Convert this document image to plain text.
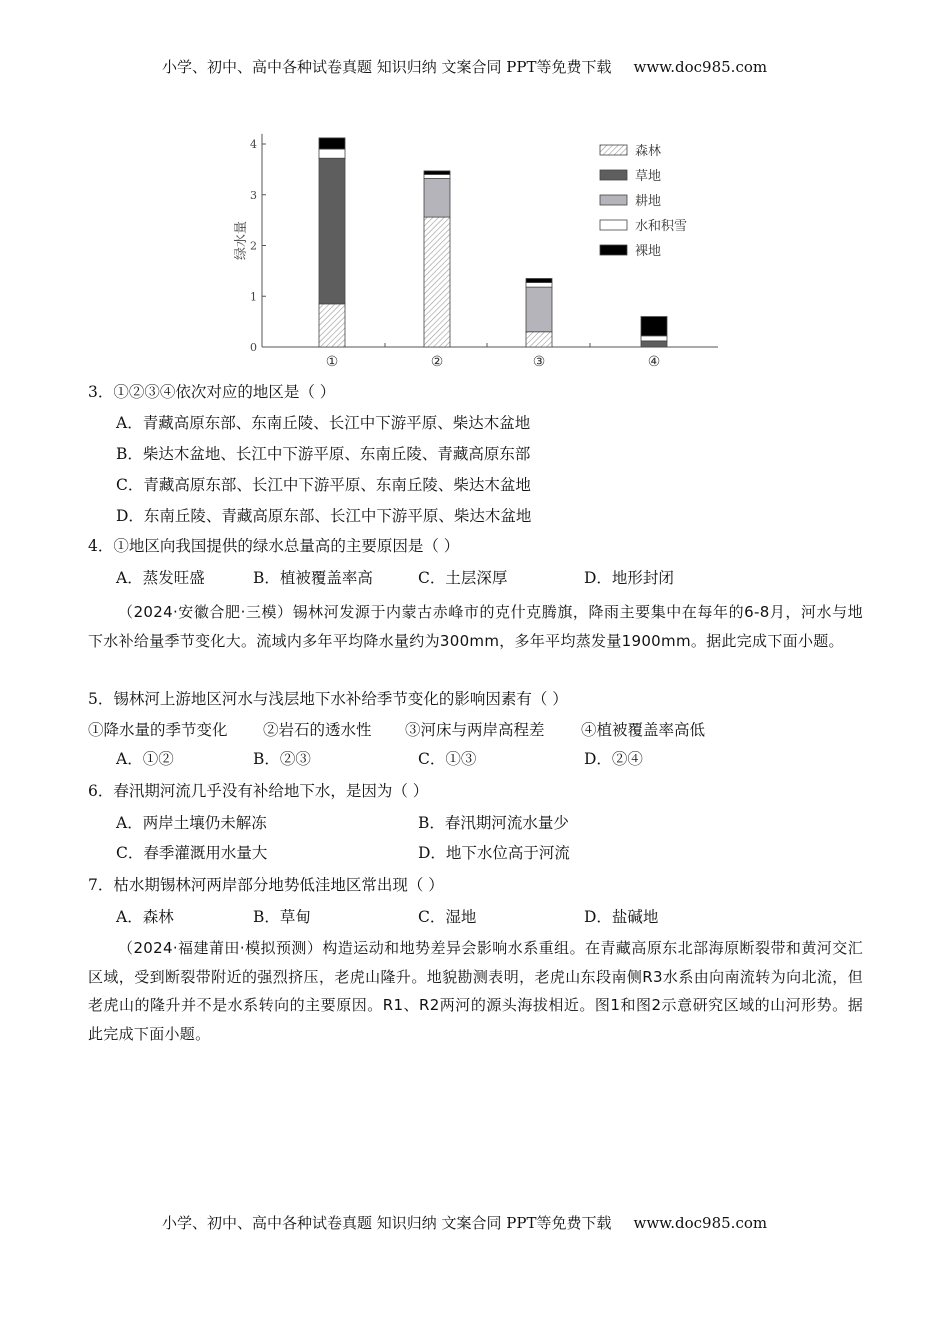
小学、初中、高中各种试卷真题 知识归纳 文案合同 PPT等免费下载 www.doc985.com
0
1
2
3
4
绿水量
①	②	③	④
森林
草地
耕地
水和积雪
裸地
3．①②③④依次对应的地区是（ ）
A．青藏高原东部、东南丘陵、长江中下游平原、柴达木盆地
B．柴达木盆地、长江中下游平原、东南丘陵、青藏高原东部
C．青藏高原东部、长江中下游平原、东南丘陵、柴达木盆地
D．东南丘陵、青藏高原东部、长江中下游平原、柴达木盆地
4．①地区向我国提供的绿水总量高的主要原因是（ ）
A．蒸发旺盛	B．植被覆盖率高	C．土层深厚	D．地形封闭
（2024·安徽合肥·三模）锡林河发源于内蒙古赤峰市的克什克腾旗，降雨主要集中在每年的6-8月，河水与地下水补给量季节变化大。流域内多年平均降水量约为300mm，多年平均蒸发量1900mm。据此完成下面小题。
5．锡林河上游地区河水与浅层地下水补给季节变化的影响因素有（ ）
①降水量的季节变化 ②岩石的透水性 ③河床与两岸高程差 ④植被覆盖率高低
A．①②	B．②③	C．①③	D．②④
6．春汛期河流几乎没有补给地下水，是因为（ ）
A．两岸土壤仍未解冻	B．春汛期河流水量少
C．春季灌溉用水量大	D．地下水位高于河流
7．枯水期锡林河两岸部分地势低洼地区常出现（ ）
A．森林	B．草甸	C．湿地	D．盐碱地
（2024·福建莆田·模拟预测）构造运动和地势差异会影响水系重组。在青藏高原东北部海原断裂带和黄河交汇区域，受到断裂带附近的强烈挤压，老虎山隆升。地貌勘测表明，老虎山东段南侧R3水系由向南流转为向北流，但老虎山的隆升并不是水系转向的主要原因。R1、R2两河的源头海拔相近。图1和图2示意研究区域的山河形势。据此完成下面小题。
小学、初中、高中各种试卷真题 知识归纳 文案合同 PPT等免费下载 www.doc985.com
